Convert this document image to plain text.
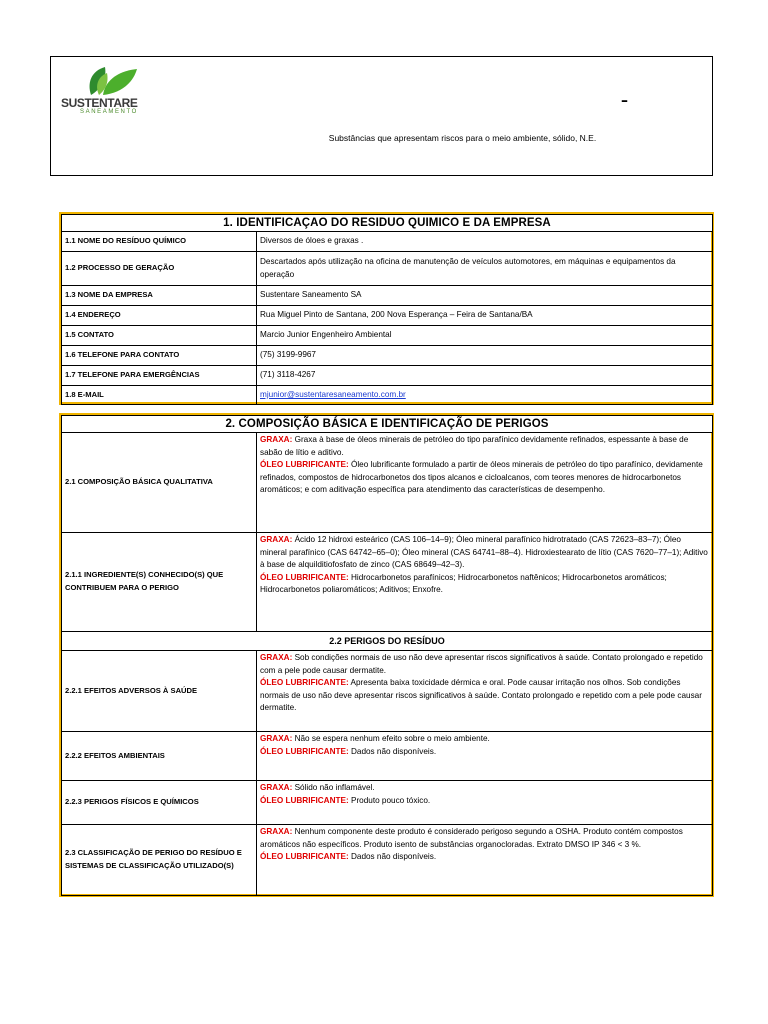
SUSTENTARE
SANEAMENTO
–
Substâncias que apresentam riscos para o meio ambiente, sólido, N.E.
1. IDENTIFICAÇAO DO RESIDUO QUIMICO E DA EMPRESA	
1.1 NOME DO RESÍDUO QUÍMICO	Diversos de óloes e graxas .
1.2 PROCESSO DE GERAÇÃO	Descartados após utilização na oficina de manutenção de veículos automotores, em máquinas e equipamentos da operação
1.3 NOME DA EMPRESA	Sustentare Saneamento SA
1.4 ENDEREÇO	Rua Miguel Pinto de Santana, 200 Nova Esperança – Feira de Santana/BA
1.5 CONTATO	Marcio Junior Engenheiro Ambiental
1.6 TELEFONE PARA CONTATO	(75) 3199-9967
1.7 TELEFONE PARA EMERGÊNCIAS	(71) 3118-4267
1.8 E-MAIL	mjunior@sustentaresaneamento.com.br
2. COMPOSIÇÃO BÁSICA E IDENTIFICAÇÃO DE PERIGOS	
2.1 COMPOSIÇÃO BÁSICA QUALITATIVA	GRAXA: Graxa à base de óleos minerais de petróleo do tipo parafínico devidamente refinados, espessante à base de sabão de lítio e aditivo.
ÓLEO LUBRIFICANTE: Óleo lubrificante formulado a partir de óleos minerais de petróleo do tipo parafínico, devidamente refinados, compostos de hidrocarbonetos dos tipos alcanos e cicloalcanos, com teores menores de hidrocarbonetos aromáticos; e com aditivação específica para atendimento das características de desempenho.
2.1.1 INGREDIENTE(S) CONHECIDO(S) QUE CONTRIBUEM PARA O PERIGO	GRAXA: Ácido 12 hidroxi esteárico (CAS 106–14–9); Óleo mineral parafínico hidrotratado (CAS 72623–83–7); Óleo mineral parafínico (CAS 64742–65–0); Óleo mineral (CAS 64741–88–4). Hidroxiestearato de lítio (CAS 7620–77–1); Aditivo à base de alquilditiofosfato de zinco (CAS 68649–42–3).
ÓLEO LUBRIFICANTE: Hidrocarbonetos parafínicos; Hidrocarbonetos naftênicos; Hidrocarbonetos aromáticos; Hidrocarbonetos poliaromáticos; Aditivos; Enxofre.
2.2 PERIGOS DO RESÍDUO	
2.2.1 EFEITOS ADVERSOS À SAÚDE	GRAXA: Sob condições normais de uso não deve apresentar riscos significativos à saúde. Contato prolongado e repetido com a pele pode causar dermatite.
ÓLEO LUBRIFICANTE: Apresenta baixa toxicidade dérmica e oral. Pode causar irritação nos olhos. Sob condições normais de uso não deve apresentar riscos significativos à saúde. Contato prolongado e repetido com a pele pode causar dermatite.
2.2.2 EFEITOS AMBIENTAIS	GRAXA: Não se espera nenhum efeito sobre o meio ambiente.
ÓLEO LUBRIFICANTE: Dados não disponíveis.
2.2.3 PERIGOS FÍSICOS E QUÍMICOS	GRAXA: Sólido não inflamável.
ÓLEO LUBRIFICANTE: Produto pouco tóxico.
2.3 CLASSIFICAÇÃO DE PERIGO DO RESÍDUO E SISTEMAS DE CLASSIFICAÇÃO UTILIZADO(S)	GRAXA: Nenhum componente deste produto é considerado perigoso segundo a OSHA. Produto contém compostos aromáticos não específicos. Produto isento de substâncias organocloradas. Extrato DMSO IP 346 < 3 %.
ÓLEO LUBRIFICANTE: Dados não disponíveis.
